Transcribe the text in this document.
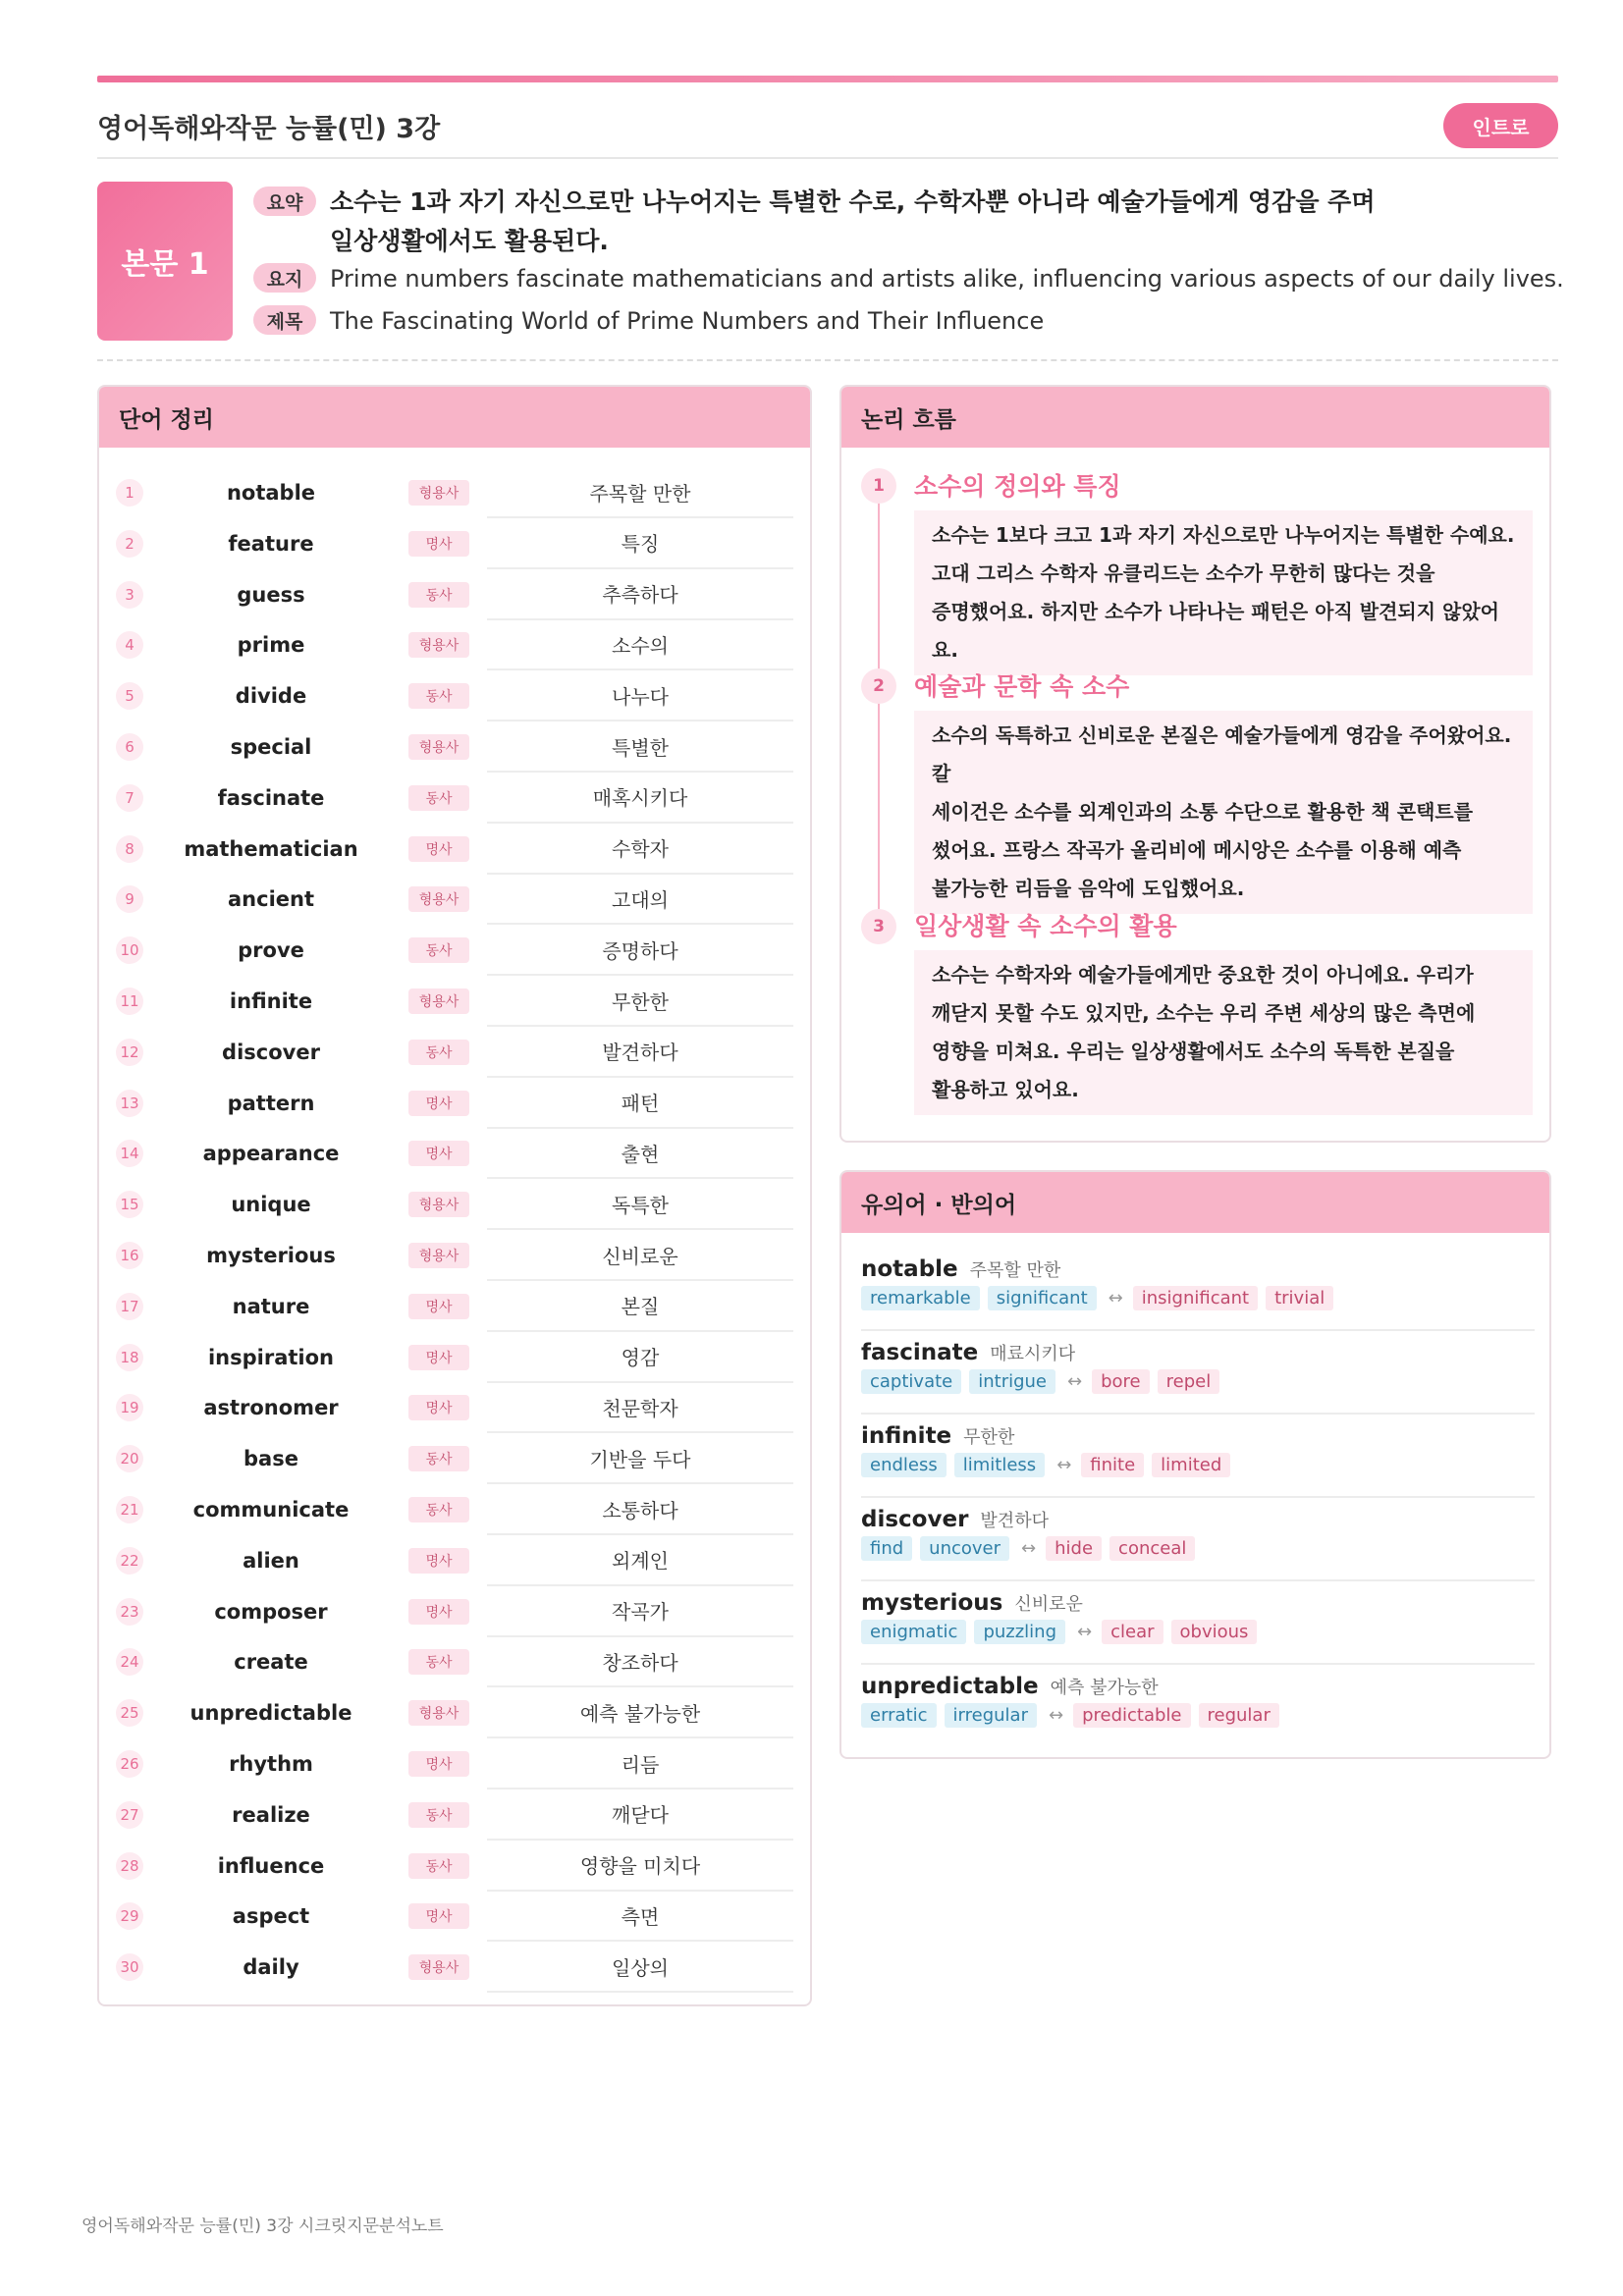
영어독해와작문 능률(민) 3강	인트로
본문 1
요약	소수는 1과 자기 자신으로만 나누어지는 특별한 수로, 수학자뿐 아니라 예술가들에게 영감을 주며
일상생활에서도 활용된다.
요지	Prime numbers fascinate mathematicians and artists alike, influencing various aspects of our daily lives.
제목	The Fascinating World of Prime Numbers and Their Influence
단어 정리
1	notable	형용사	주목할 만한
2	feature	명사	특징
3	guess	동사	추측하다
4	prime	형용사	소수의
5	divide	동사	나누다
6	special	형용사	특별한
7	fascinate	동사	매혹시키다
8	mathematician	명사	수학자
9	ancient	형용사	고대의
10	prove	동사	증명하다
11	infinite	형용사	무한한
12	discover	동사	발견하다
13	pattern	명사	패턴
14	appearance	명사	출현
15	unique	형용사	독특한
16	mysterious	형용사	신비로운
17	nature	명사	본질
18	inspiration	명사	영감
19	astronomer	명사	천문학자
20	base	동사	기반을 두다
21	communicate	동사	소통하다
22	alien	명사	외계인
23	composer	명사	작곡가
24	create	동사	창조하다
25	unpredictable	형용사	예측 불가능한
26	rhythm	명사	리듬
27	realize	동사	깨닫다
28	influence	동사	영향을 미치다
29	aspect	명사	측면
30	daily	형용사	일상의
논리 흐름
1	소수의 정의와 특징
소수는 1보다 크고 1과 자기 자신으로만 나누어지는 특별한 수예요.
고대 그리스 수학자 유클리드는 소수가 무한히 많다는 것을
증명했어요. 하지만 소수가 나타나는 패턴은 아직 발견되지 않았어요.
2	예술과 문학 속 소수
소수의 독특하고 신비로운 본질은 예술가들에게 영감을 주어왔어요. 칼
세이건은 소수를 외계인과의 소통 수단으로 활용한 책 콘택트를
썼어요. 프랑스 작곡가 올리비에 메시앙은 소수를 이용해 예측
불가능한 리듬을 음악에 도입했어요.
3	일상생활 속 소수의 활용
소수는 수학자와 예술가들에게만 중요한 것이 아니에요. 우리가
깨닫지 못할 수도 있지만, 소수는 우리 주변 세상의 많은 측면에
영향을 미쳐요. 우리는 일상생활에서도 소수의 독특한 본질을
활용하고 있어요.
유의어 · 반의어
notable 주목할 만한
remarkable	significant	↔	insignificant	trivial
fascinate 매료시키다
captivate	intrigue	↔	bore	repel
infinite 무한한
endless	limitless	↔	finite	limited
discover 발견하다
find	uncover	↔	hide	conceal
mysterious 신비로운
enigmatic	puzzling	↔	clear	obvious
unpredictable 예측 불가능한
erratic	irregular	↔	predictable	regular
영어독해와작문 능률(민) 3강 시크릿지문분석노트
